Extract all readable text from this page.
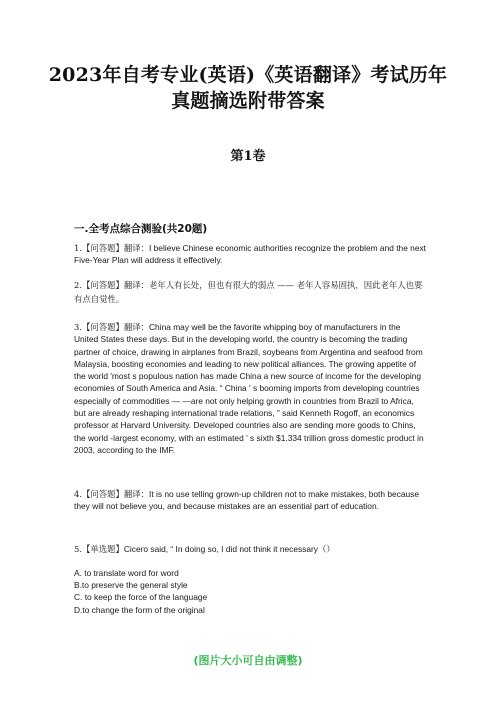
2023年自考专业(英语)《英语翻译》考试历年真题摘选附带答案
第1卷
一.全考点综合测验(共20题)
1.【问答题】翻译：I believe Chinese economic authorities recognize the problem and the next Five-Year Plan will address it effectively.
2.【问答题】翻译：老年人有长处，但也有很大的弱点 —— 老年人容易固执，因此老年人也要有点自觉性。
3.【问答题】翻译：China may well be the favorite whipping boy of manufacturers in the United States these days. But in the developing world, the country is becoming the trading partner of choice, drawing in airplanes from Brazil, soybeans from Argentina and seafood from Malaysia, boosting economies and leading to new political alliances. The growing appetite of the world 'most s populous nation has made China a new source of income for the developing economies of South America and Asia. “ China ' s booming imports from developing countries especially of commodities — —are not only helping growth in countries from Brazil to Africa, but are already reshaping international trade relations, ” said Kenneth Rogoff, an economics professor at Harvard University. Developed countries also are sending more goods to Chins, the world -largest economy, with an estimated ' s sixth $1.334 trillion gross domestic product in 2003, according to the IMF.
4.【问答题】翻译：It is no use telling grown-up children not to make mistakes, both because they will not believe you, and because mistakes are an essential part of education.
5.【单选题】Cicero said, “ In doing so, I did not think it necessary（）
A. to translate word for word
B.to preserve the general style
C. to keep the force of the language
D.to change the form of the original
(图片大小可自由调整)
